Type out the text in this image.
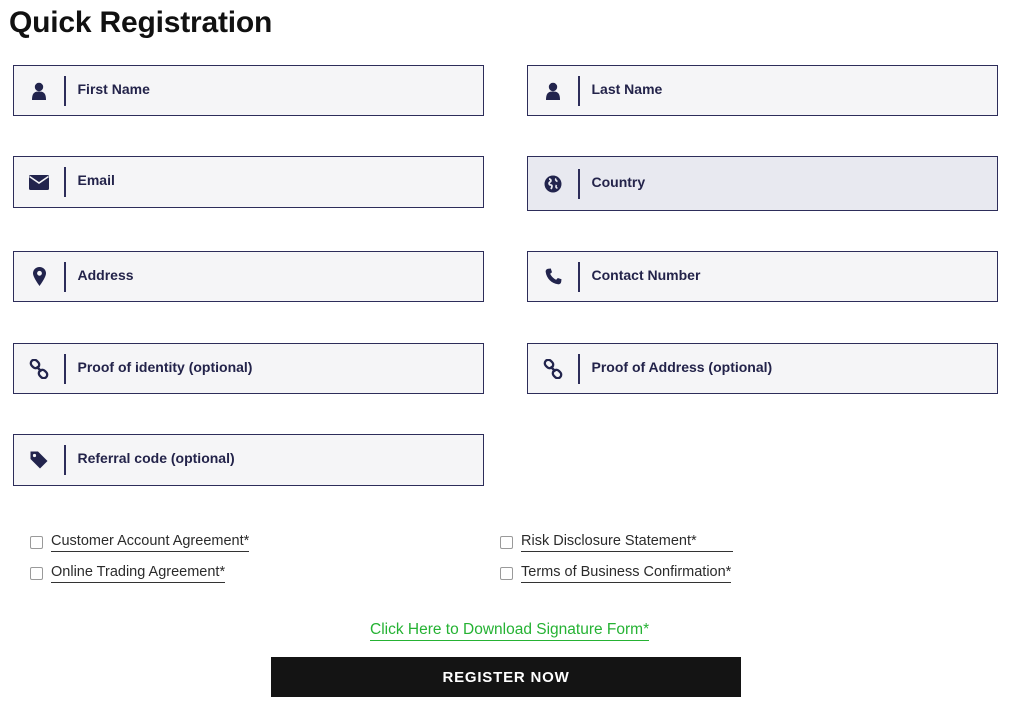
Quick Registration
First Name	Last Name
Email	Country
Address	Contact Number
Proof of identity (optional)	Proof of Address (optional)
Referral code (optional)
Customer Account Agreement*
Online Trading Agreement*
Risk Disclosure Statement*
Terms of Business Confirmation*
Click Here to Download Signature Form*
REGISTER NOW
